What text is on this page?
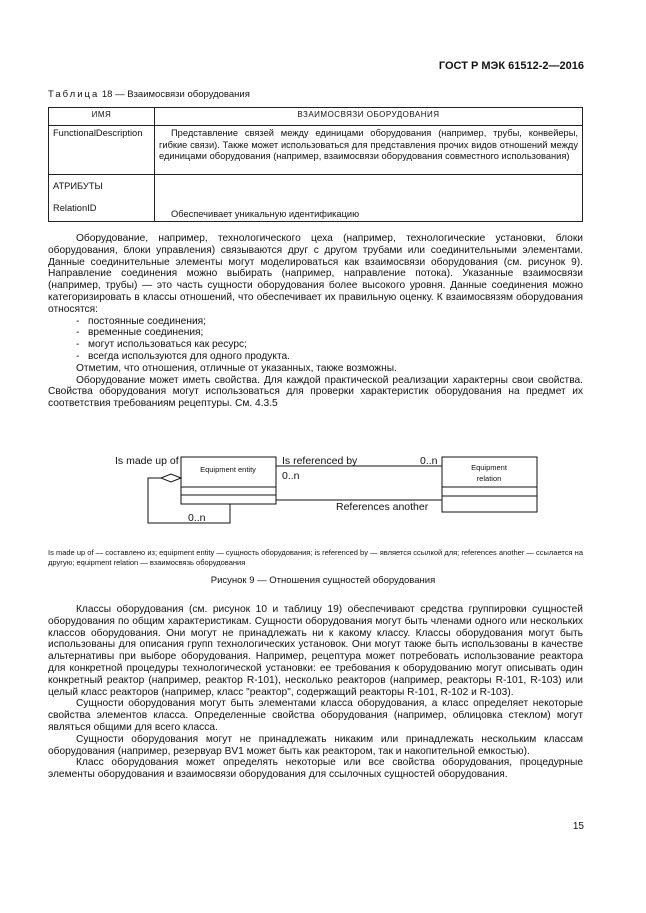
ГОСТ Р МЭК 61512-2—2016
Таблица 18 — Взаимосвязи оборудования
ИМЯ	ВЗАИМОСВЯЗИ ОБОРУДОВАНИЯ
FunctionalDescription	Представление связей между единицами оборудования (например, трубы, конвейеры, гибкие связи). Также может использоваться для представления прочих видов отношений между единицами оборудования (например, взаимосвязи оборудования совместного использования)

АТРИБУТЫ
RelationID	Обеспечивает уникальную идентификацию

Оборудование, например, технологического цеха (например, технологические установки, блоки оборудования, блоки управления) связываются друг с другом трубами или соединительными элементами. Данные соединительные элементы могут моделироваться как взаимосвязи оборудования (см. рисунок 9). Направление соединения можно выбирать (например, направление потока). Указанные взаимосвязи (например, трубы) — это часть сущности оборудования более высокого уровня. Данные соединения можно категоризировать в классы отношений, что обеспечивает их правильную оценку. К взаимосвязям оборудования относятся:

- постоянные соединения;
- временные соединения;
- могут использоваться как ресурс;
- всегда используются для одного продукта.

Отметим, что отношения, отличные от указанных, также возможны.

Оборудование может иметь свойства. Для каждой практической реализации характерны свои свойства. Свойства оборудования могут использоваться для проверки характеристик оборудования на предмет их соответствия требованиям рецептуры. См. 4.3.5

Is made up of
Equipment entity
Is referenced by	0..n
Equipment
relation
0..n
References another
0..n
Is made up of — составлено из; equipment entity — сущность оборудования; is referenced by — является ссылкой для; references another — ссылается на другую; equipment relation — взаимосвязь оборудования
Рисунок 9 — Отношения сущностей оборудования

Классы оборудования (см. рисунок 10 и таблицу 19) обеспечивают средства группировки сущностей оборудования по общим характеристикам. Сущности оборудования могут быть членами одного или нескольких классов оборудования. Они могут не принадлежать ни к какому классу. Классы оборудования могут быть использованы для описания групп технологических установок. Они могут также быть использованы в качестве альтернативы при выборе оборудования. Например, рецептура может потребовать использование реактора для конкретной процедуры технологической установки: ее требования к оборудованию могут описывать один конкретный реактор (например, реактор R-101), несколько реакторов (например, реакторы R-101, R-103) или целый класс реакторов (например, класс "реактор", содержащий реакторы R-101, R-102 и R-103).

Сущности оборудования могут быть элементами класса оборудования, а класс определяет некоторые свойства элементов класса. Определенные свойства оборудования (например, облицовка стеклом) могут являться общими для всего класса.

Сущности оборудования могут не принадлежать никаким или принадлежать нескольким классам оборудования (например, резервуар BV1 может быть как реактором, так и накопительной емкостью).

Класс оборудования может определять некоторые или все свойства оборудования, процедурные элементы оборудования и взаимосвязи оборудования для ссылочных сущностей оборудования.

15
